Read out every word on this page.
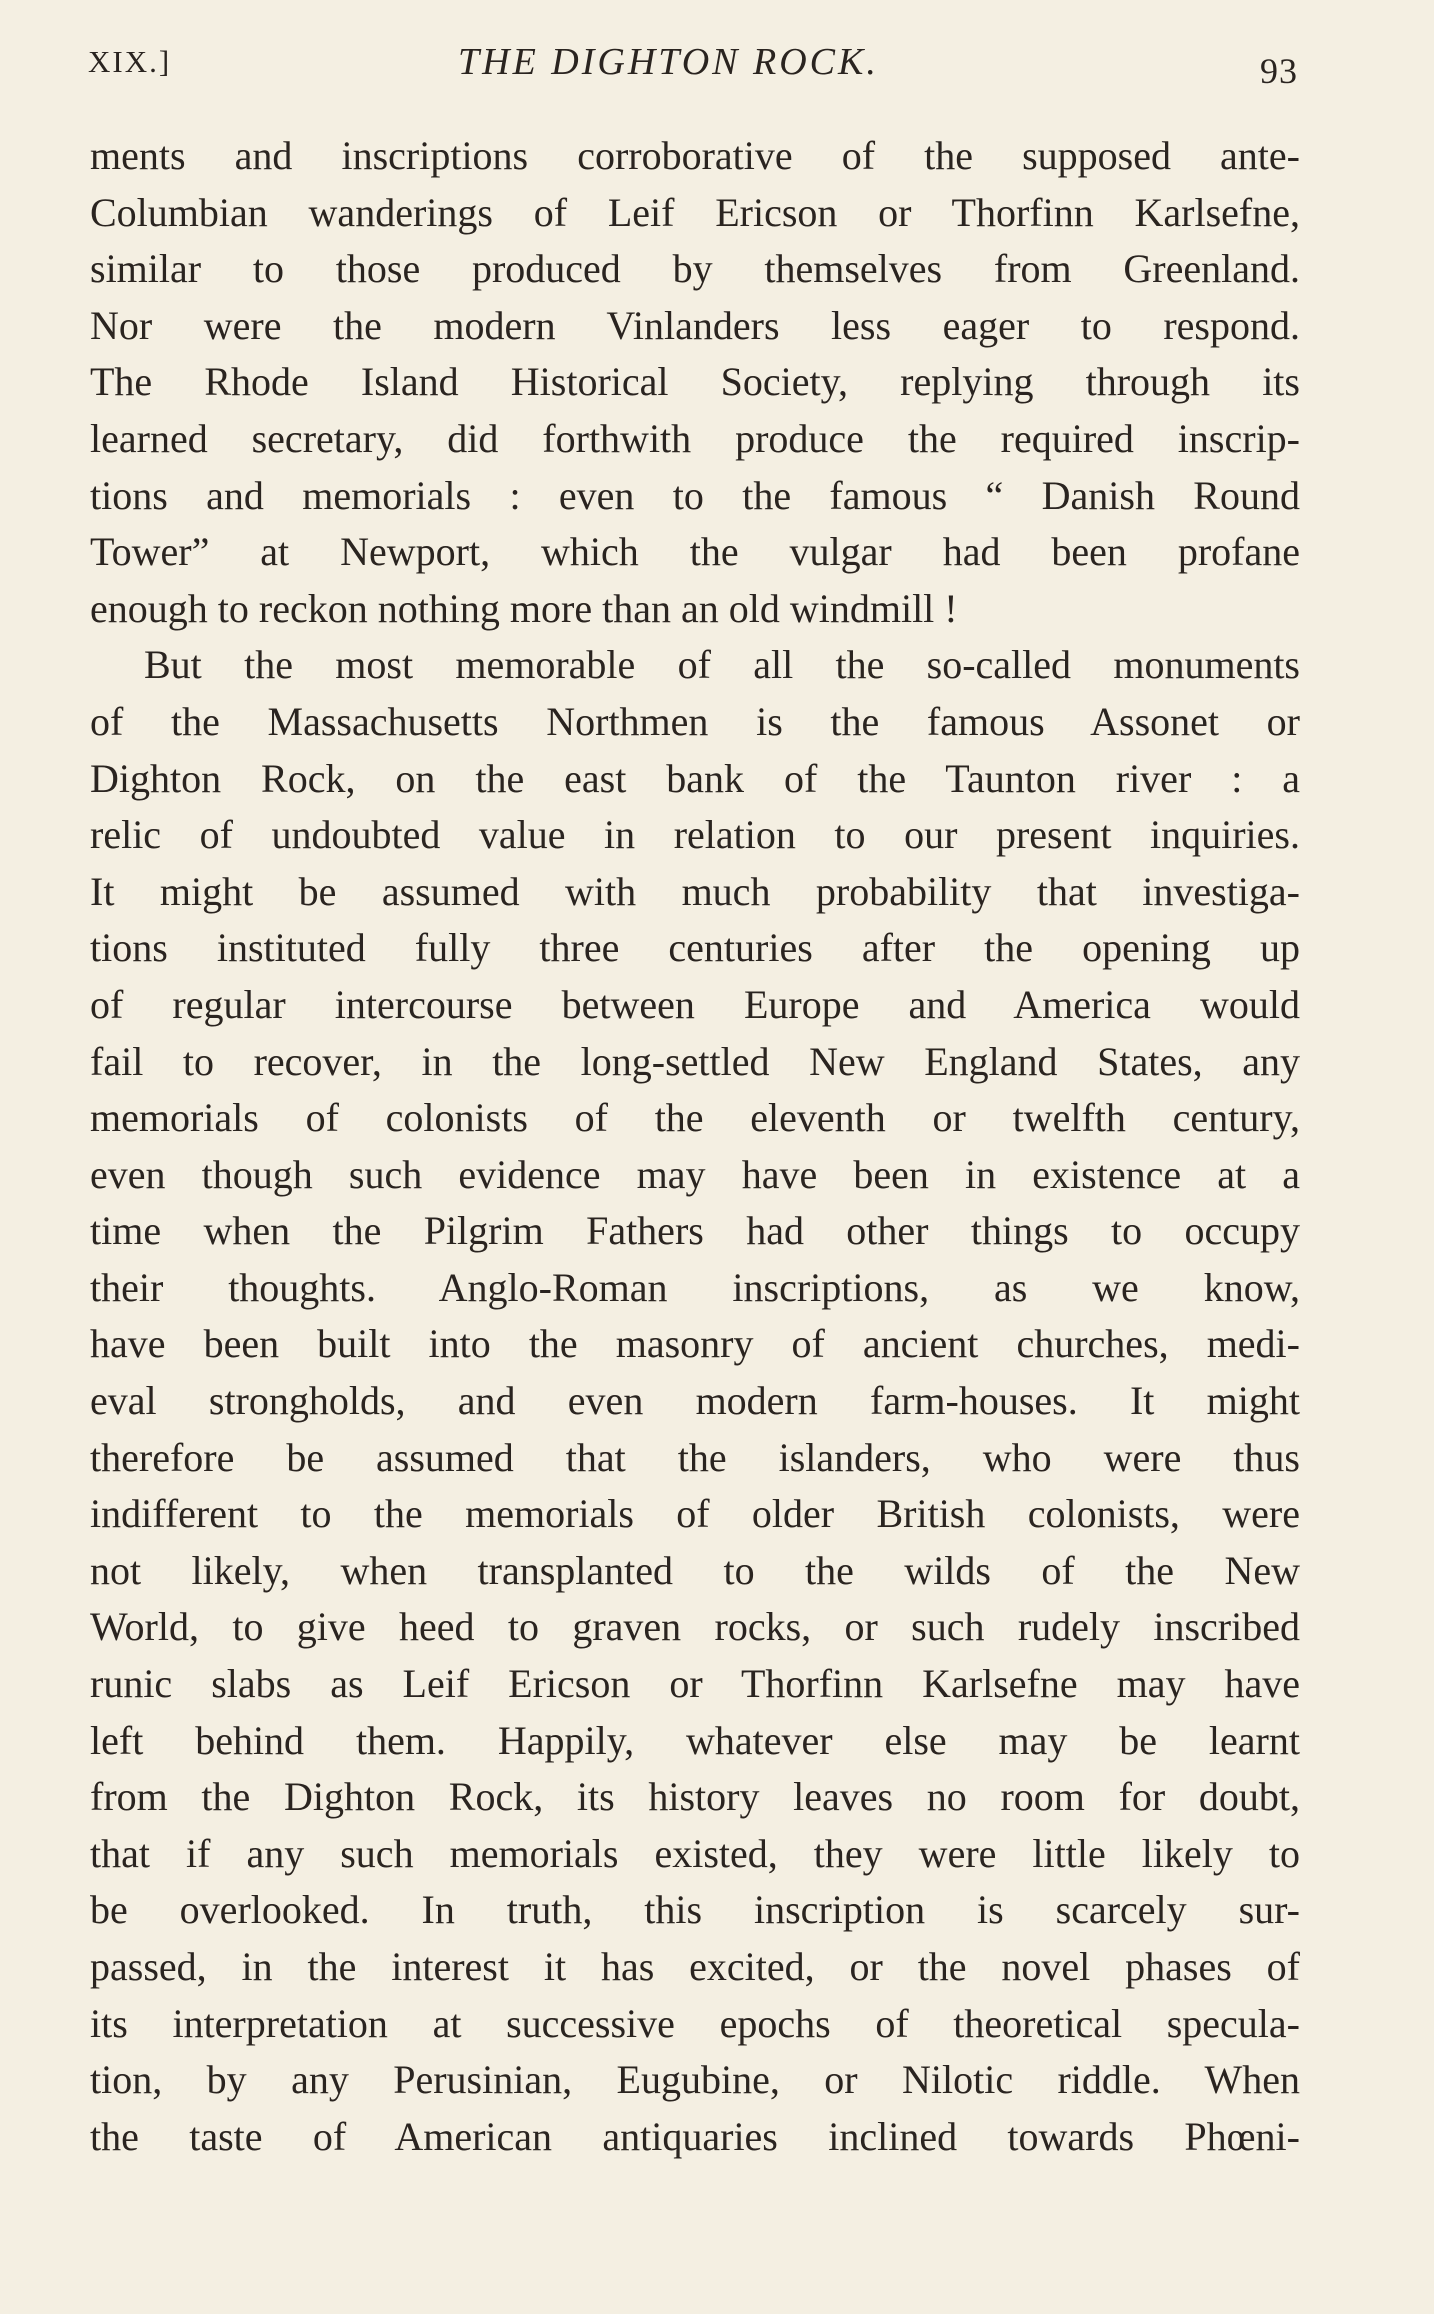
XIX.]	THE DIGHTON ROCK.	93
ments and inscriptions corroborative of the supposed ante-
Columbian wanderings of Leif Ericson or Thorfinn Karlsefne,
similar to those produced by themselves from Greenland.
Nor were the modern Vinlanders less eager to respond.
The Rhode Island Historical Society, replying through its
learned secretary, did forthwith produce the required inscrip-
tions and memorials : even to the famous “ Danish Round
Tower” at Newport, which the vulgar had been profane
enough to reckon nothing more than an old windmill !
But the most memorable of all the so-called monuments
of the Massachusetts Northmen is the famous Assonet or
Dighton Rock, on the east bank of the Taunton river : a
relic of undoubted value in relation to our present inquiries.
It might be assumed with much probability that investiga-
tions instituted fully three centuries after the opening up
of regular intercourse between Europe and America would
fail to recover, in the long-settled New England States, any
memorials of colonists of the eleventh or twelfth century,
even though such evidence may have been in existence at a
time when the Pilgrim Fathers had other things to occupy
their thoughts. Anglo-Roman inscriptions, as we know,
have been built into the masonry of ancient churches, medi-
eval strongholds, and even modern farm-houses. It might
therefore be assumed that the islanders, who were thus
indifferent to the memorials of older British colonists, were
not likely, when transplanted to the wilds of the New
World, to give heed to graven rocks, or such rudely inscribed
runic slabs as Leif Ericson or Thorfinn Karlsefne may have
left behind them. Happily, whatever else may be learnt
from the Dighton Rock, its history leaves no room for doubt,
that if any such memorials existed, they were little likely to
be overlooked. In truth, this inscription is scarcely sur-
passed, in the interest it has excited, or the novel phases of
its interpretation at successive epochs of theoretical specula-
tion, by any Perusinian, Eugubine, or Nilotic riddle. When
the taste of American antiquaries inclined towards Phœni-
